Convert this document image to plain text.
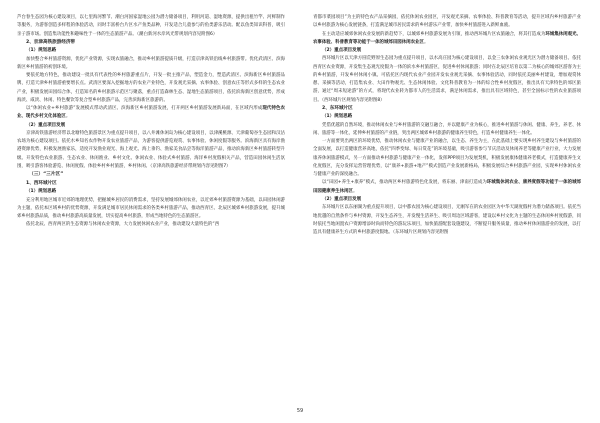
芦台春生态园为核心建设项目，以七里海河繁节、潮白河国家湿地公园为潜力储备项目，利用河道、湿地资源，提供出租竹竿、河鲜制作等服务，为游客创造多样程的体验活动，同时丰富桥台片区水产鱼类品种，开发适合儿童参与的鱼类游乐活动。配以鱼类知识科普，吸引亲子游市场。创造集功能性和趣味性于一体的生态旅游产品。（潮白新河水岸风光带规划内容见附图6）

2、京津高铁旅游经济带
（1）规划思路

加快整合乡村旅游资源，优化产业资源，实现农旅融合，推动乡村旅游提质升级，打造京津高铁沿线乡村旅游带。优化武清区、滨海新区乡村旅游的初创环境。

要依托地方特色，推动建设一批具有代表性的乡村旅游重点片，开发一批主推产品，塑造金力，塑造武清区、滨海新区乡村旅游品牌，打造天津乡村旅游重要增长点。武清区要深入挖掘地方的农业产业特色，开发观光采摘、农事体验、创意农庄等形式多样的生态农业产业，积极发展田园综合体，打造知名的乡村旅游示范区与聚落，重点打造森林生态、湿地生态旅游项目，依托滨海新区创意优势，形成海淡、咸淡、休闲、特色餐饮等复合型乡村旅游产品，完善滨海新区旅游的。

以“休闲农业+乡村旅游”发展模式带动武清区、滨海新区乡村旅游发展，打开两区乡村旅游发展新局面，在区域内形成现代特色农业、现代乡村文化体验区。

（2）重点项目发展

京津高铁旅游经济带以北塘特色旅游景区为重点提升项目，以八井滩休闲岛为核心建设项目，以津溪桃源、天津葡萄谷生态园和汉沽农场为核心建设项目。依托水乡知名农作物开发农业旅游产品，为游客提供游览观赏、农事体验、休闲度假等服务。滨海新区具有海岸渔港资源优势，积极发展渔家乐，适度开发渔业观光、海上观光、海上垂钓、渔家美食品尝等海洋旅游产品，推动滨海新区乡村旅游转型升级。开发特色农业旅游、生态农业、休闲渔业、乡村文化、休闲农业、体验式乡村旅游、海洋乡村度假相关产品，营造田园休闲生活氛围，吸引游客体验游览、休闲度假、体验乡村乡村旅游，乡村休闲。（京津高铁旅游经济带规划内容见附图7）

（三）“三片区”
1、西环城片区
（1）规划思路

充分利用地区城市近郊的地理优势，把握城乡居民的消费需求，坚持发展城郊休闲农业，以近郊乡村旅游资源为基础，以田园休闲游为主题，依托本区域乡村的优势资源，开发满足城市居民休闲需求的各类乡村旅游产品，推动西青区、北辰区城郊乡村旅游发展，提升城郊乡村旅游品质，推动乡村旅游高质量发展，切实提高乡村旅游，形成当地特色的生态旅游区。

依托北辰、西青两区的生态资源与休闲农业资源，大力发展休闲农业产业，推动建设大量特色的“西

青都市菜园项目”为主的特色农产品采摘园，依托休闲农业园区，开发观光采摘、农事体验、科普教育等活动，提升区域内乡村旅游产业以乡村旅游为核心发展链条，打造满足城市居民需求的乡村游乐产业带，加快乡村旅游进入新鲜血液。

在主动适应城郊休闲农业发展的新趋势下，以城郊乡村旅游发展为引领，推动西环城片区农旅融合，将其打造成为环城集休闲观光、农事体验、科普教育等功能于一体的城郊田园休闲农业区。

（2）重点项目发展

西环城片区以天津方圆荒野原生态园为重点提升项目，以水高庄园为核心建设项目，以金三农休闲农业观光区为潜力储备项目。依托西青区农业资源，开发集生态观光度假为一体的滨水乡村旅游区，促进乡村休闲旅游；同时在北辰区培育以第二为核心的城郊区游客为主的乡村旅游，开发乡村休闲小镇。可依托区内现代农业产业园开发农业观光采摘、农事体验活动，同时依托美丽乡村建设，增加观赏休憩、采摘等活动，打造集农业、大田作物观光、生态休闲体验、文化科普教育为一体的综合性乡村度假区，推出具有天津特色的郊区旅游，通过“周末短途游”的方式，将现代农业转为都市人的生活需求，满足休闲需求，推出具有区域特色，甚至全国标示性的农业旅游项目。（西环城片区规划内容见附图8）

2、东环城片区
（1）规划思路

凭借优越的自然环境，推动休闲农业与乡村旅游的交融互融合，并以健康产业为核心，推进乡村旅游与休闲、健康、养生、养老、休闲、旅游等一体化，延伸乡村旅游的产业链，突出两区城郊乡村旅游的健康养生特色，打造乡村健康养生一体化。

一方面要突出两区的环境优势，推动休闲农业与健康产业的融合，以生态、养生为主，在此基础上要实现乡村养生建设与乡村旅游的全面发展，以打造健康营养高地，依托“四季变绿、每日赏花”的环境基础，吸引游客参与节庆活动及休闲养老等健康产业行业，大力发展康养休闲旅游模式，另一方面推动乡村旅游与健康产业一体化，发挥PPP项目为发展契机，积极发展康体健康养老模式，打造健康养生文化度假区，充分发挥运营管理优势，以“康养+旅游+地产”模式创造产业发展新格局，积极发展综合乡村旅游产业园，实现乡村休闲农业与健康产业的深度融合。

以“田园+养生+康养”模式，推动两区乡村旅游特色化发展，将东丽、津南打造成为环城集休闲农业、康养度假等功能于一体的城郊田园健康养生休闲区。

（2）重点项目发展

东环城片区以东丽湖为重点提升项目，以中都农园为核心建设项目，无刚军在的农业园区为中华天湖度假村为潜力储备项目。依托当地优越的自然条件与乡村资源，开发生态养生，开发慢生活养生、吸引周边区域游客，建设以乡村文化为主题的生态休闲乡村度假游，同时依托当地闲置农户资源增添时尚而特色的游玩乐项目，加快旅游配套设施建设，不断提升服务质量，推动乡村休闲旅游业的发展，以打造具有健康养生方式的乡村旅游度假地。（东环城片区规划内容见附图

59
